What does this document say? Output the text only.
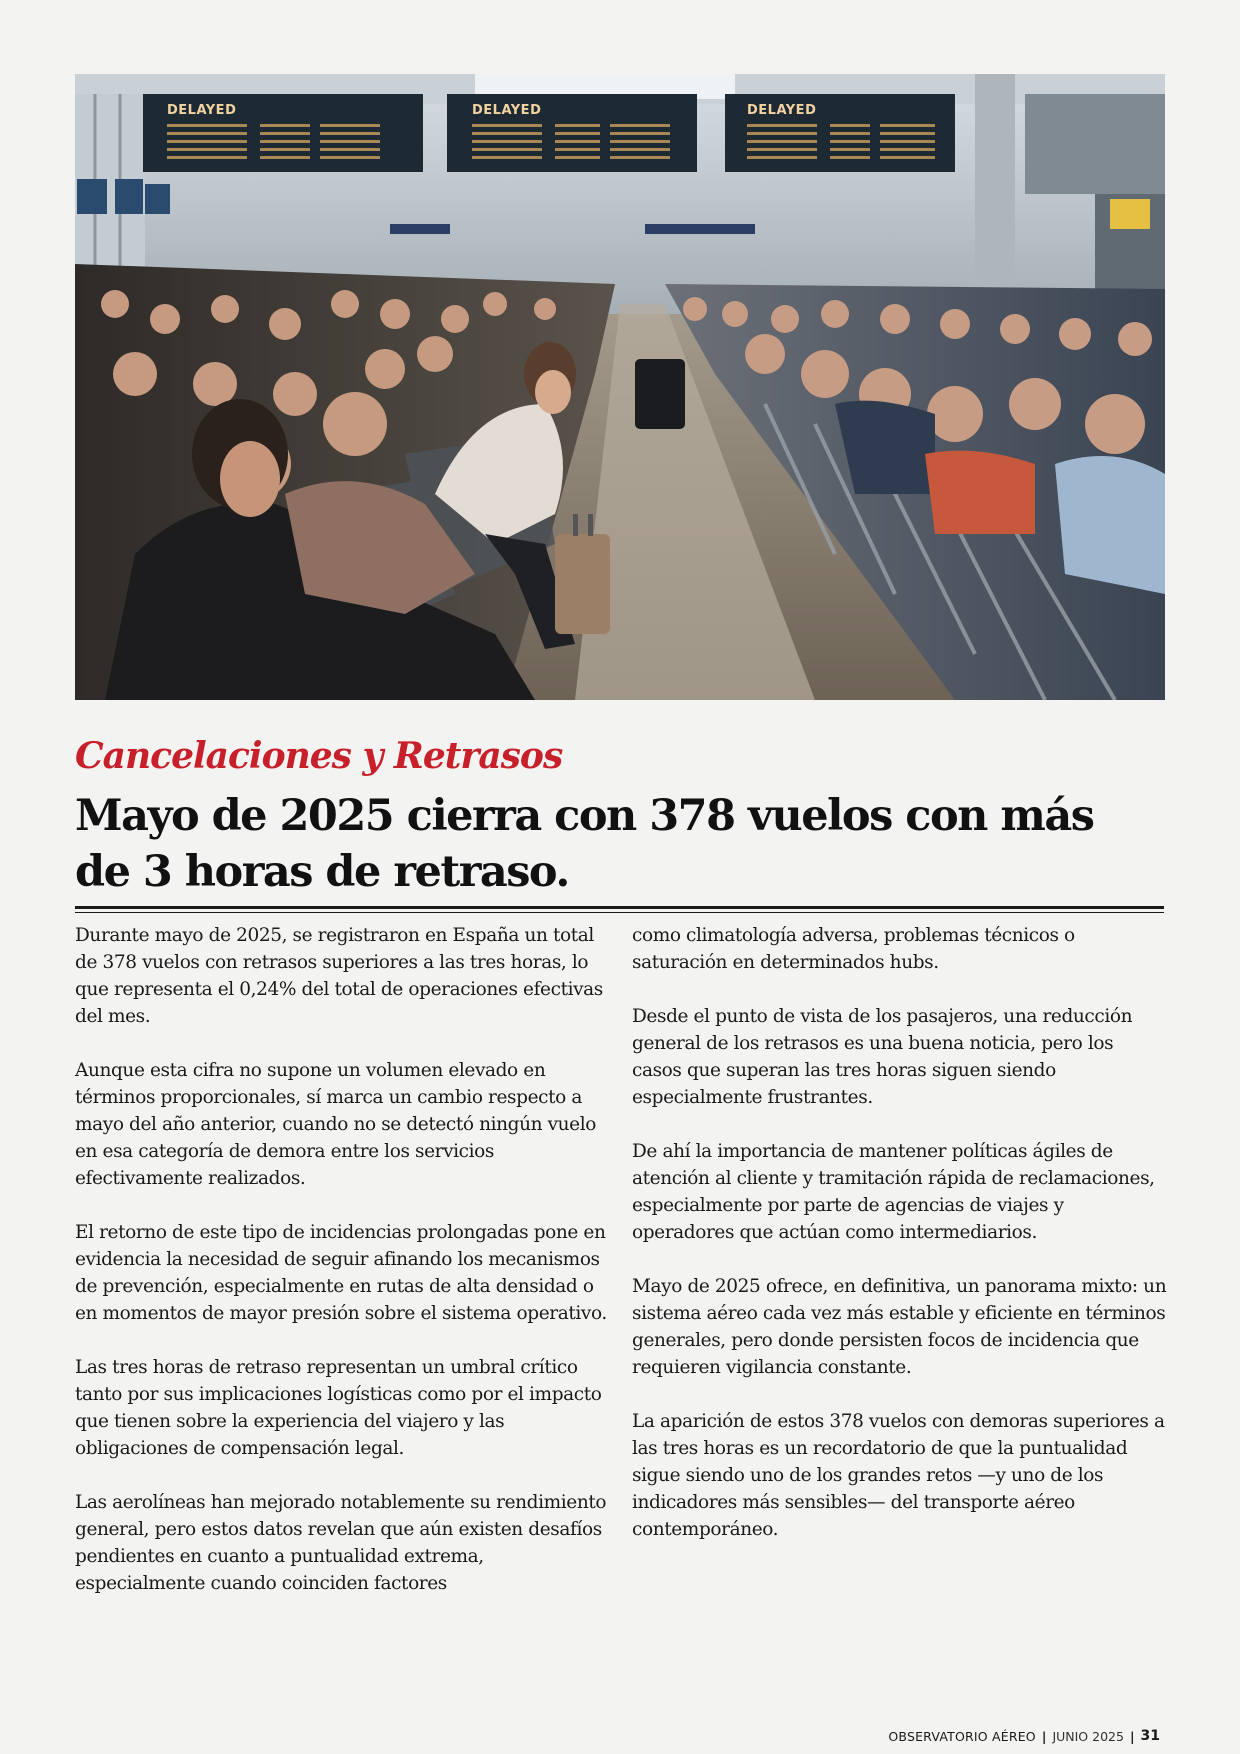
DELAYED	DELAYED	DELAYED
Cancelaciones y Retrasos
Mayo de 2025 cierra con 378 vuelos con más de 3 horas de retraso.

Durante mayo de 2025, se registraron en España un total de 378 vuelos con retrasos superiores a las tres horas, lo que representa el 0,24% del total de operaciones efectivas del mes.

Aunque esta cifra no supone un volumen elevado en términos proporcionales, sí marca un cambio respecto a mayo del año anterior, cuando no se detectó ningún vuelo en esa categoría de demora entre los servicios efectivamente realizados.

El retorno de este tipo de incidencias prolongadas pone en evidencia la necesidad de seguir afinando los mecanismos de prevención, especialmente en rutas de alta densidad o en momentos de mayor presión sobre el sistema operativo.

Las tres horas de retraso representan un umbral crítico tanto por sus implicaciones logísticas como por el impacto que tienen sobre la experiencia del viajero y las obligaciones de compensación legal.

Las aerolíneas han mejorado notablemente su rendimiento general, pero estos datos revelan que aún existen desafíos pendientes en cuanto a puntualidad extrema, especialmente cuando coinciden factores

como climatología adversa, problemas técnicos o saturación en determinados hubs.

Desde el punto de vista de los pasajeros, una reducción general de los retrasos es una buena noticia, pero los casos que superan las tres horas siguen siendo especialmente frustrantes.

De ahí la importancia de mantener políticas ágiles de atención al cliente y tramitación rápida de reclamaciones, especialmente por parte de agencias de viajes y operadores que actúan como intermediarios.

Mayo de 2025 ofrece, en definitiva, un panorama mixto: un sistema aéreo cada vez más estable y eficiente en términos generales, pero donde persisten focos de incidencia que requieren vigilancia constante.

La aparición de estos 378 vuelos con demoras superiores a las tres horas es un recordatorio de que la puntualidad sigue siendo uno de los grandes retos —y uno de los indicadores más sensibles— del transporte aéreo contemporáneo.

OBSERVATORIO AÉREO | JUNIO 2025 | 31
